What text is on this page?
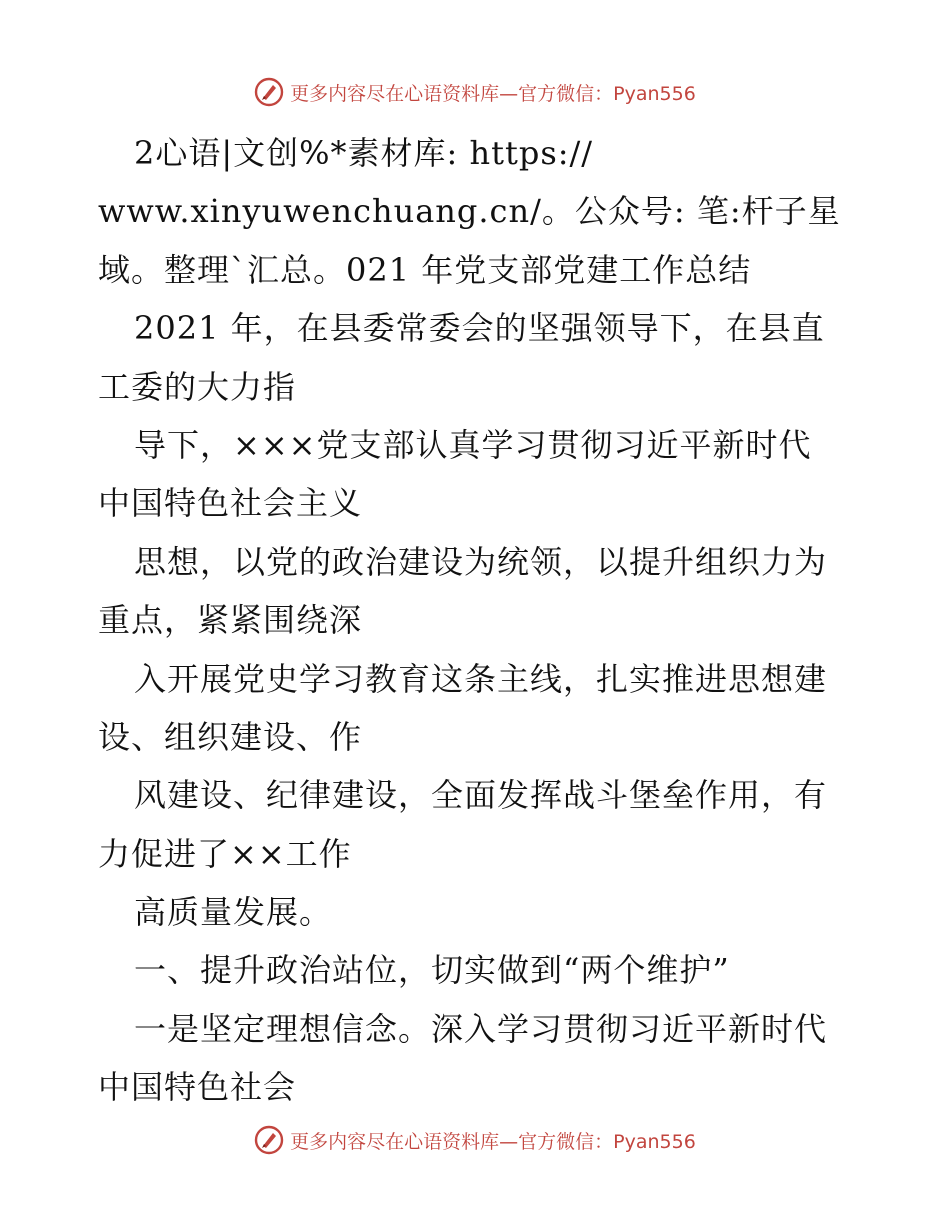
更多内容尽在心语资料库—官方微信：Pyan556
2心语|文创%*素材库: https://
www.xinyuwenchuang.cn/。公众号: 笔:杆子星
域。整理`汇总。021 年党支部党建工作总结
2021 年，在县委常委会的坚强领导下，在县直
工委的大力指
导下，×××党支部认真学习贯彻习近平新时代
中国特色社会主义
思想，以党的政治建设为统领，以提升组织力为
重点，紧紧围绕深
入开展党史学习教育这条主线，扎实推进思想建
设、组织建设、作
风建设、纪律建设，全面发挥战斗堡垒作用，有
力促进了××工作
高质量发展。
一、提升政治站位，切实做到“两个维护”
一是坚定理想信念。深入学习贯彻习近平新时代
中国特色社会
更多内容尽在心语资料库—官方微信：Pyan556
